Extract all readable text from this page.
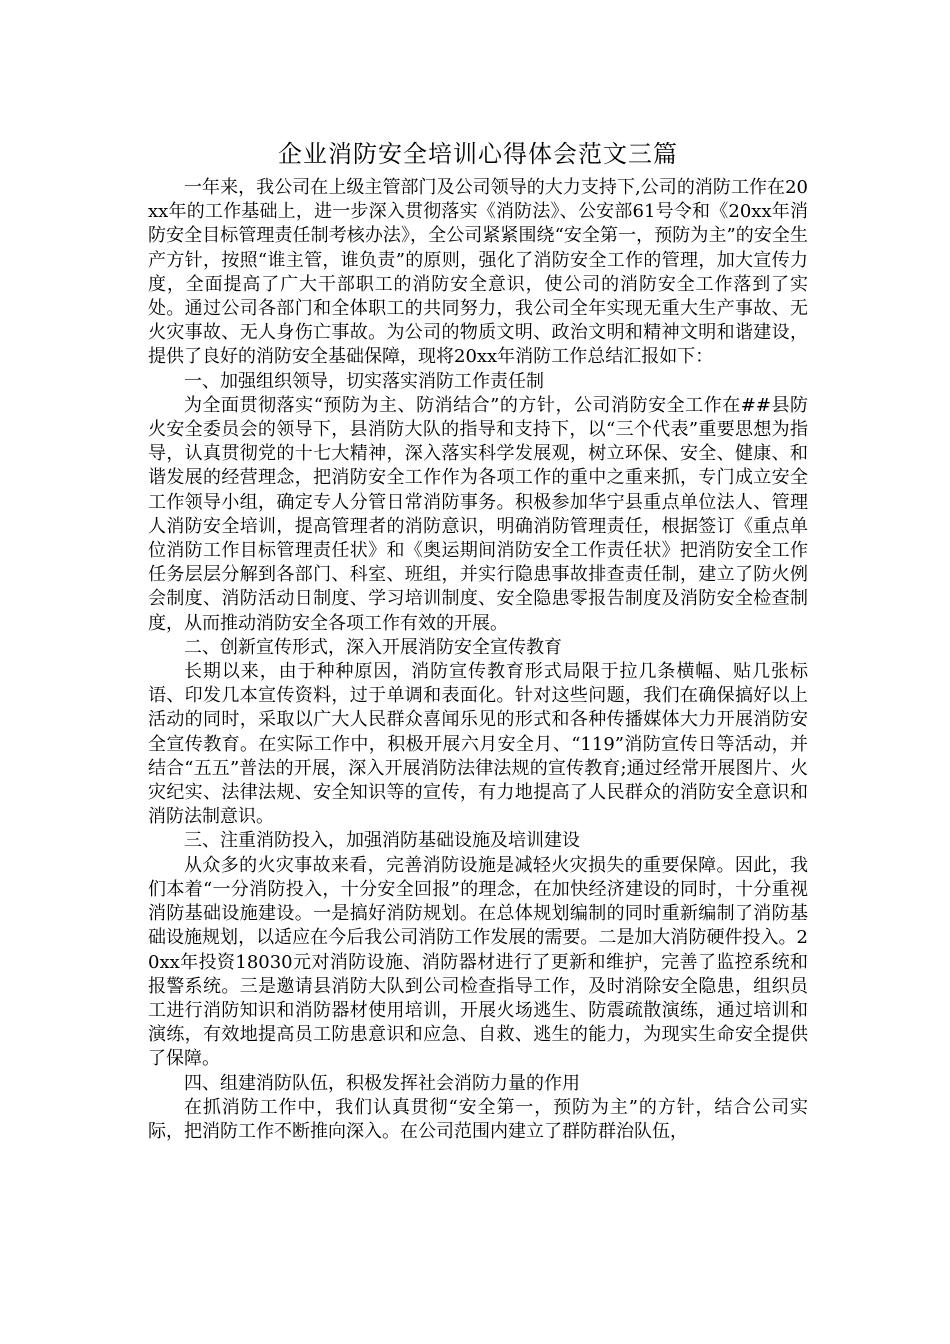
企业消防安全培训心得体会范文三篇

一年来，我公司在上级主管部门及公司领导的大力支持下,公司的消防工作在20xx年的工作基础上，进一步深入贯彻落实《消防法》、公安部61号令和《20xx年消防安全目标管理责任制考核办法》，全公司紧紧围绕“安全第一，预防为主”的安全生产方针，按照“谁主管，谁负责”的原则，强化了消防安全工作的管理，加大宣传力度，全面提高了广大干部职工的消防安全意识，使公司的消防安全工作落到了实处。通过公司各部门和全体职工的共同努力，我公司全年实现无重大生产事故、无火灾事故、无人身伤亡事故。为公司的物质文明、政治文明和精神文明和谐建设，提供了良好的消防安全基础保障，现将20xx年消防工作总结汇报如下：

一、加强组织领导，切实落实消防工作责任制

为全面贯彻落实“预防为主、防消结合”的方针，公司消防安全工作在##县防火安全委员会的领导下，县消防大队的指导和支持下，以“三个代表”重要思想为指导，认真贯彻党的十七大精神，深入落实科学发展观，树立环保、安全、健康、和谐发展的经营理念，把消防安全工作作为各项工作的重中之重来抓，专门成立安全工作领导小组，确定专人分管日常消防事务。积极参加华宁县重点单位法人、管理人消防安全培训，提高管理者的消防意识，明确消防管理责任，根据签订《重点单位消防工作目标管理责任状》和《奥运期间消防安全工作责任状》把消防安全工作任务层层分解到各部门、科室、班组，并实行隐患事故排查责任制，建立了防火例会制度、消防活动日制度、学习培训制度、安全隐患零报告制度及消防安全检查制度，从而推动消防安全各项工作有效的开展。

二、创新宣传形式，深入开展消防安全宣传教育

长期以来，由于种种原因，消防宣传教育形式局限于拉几条横幅、贴几张标语、印发几本宣传资料，过于单调和表面化。针对这些问题，我们在确保搞好以上活动的同时，采取以广大人民群众喜闻乐见的形式和各种传播媒体大力开展消防安全宣传教育。在实际工作中，积极开展六月安全月、“119”消防宣传日等活动，并结合“五五”普法的开展，深入开展消防法律法规的宣传教育;通过经常开展图片、火灾纪实、法律法规、安全知识等的宣传，有力地提高了人民群众的消防安全意识和消防法制意识。

三、注重消防投入，加强消防基础设施及培训建设

从众多的火灾事故来看，完善消防设施是减轻火灾损失的重要保障。因此，我们本着“一分消防投入，十分安全回报”的理念，在加快经济建设的同时，十分重视消防基础设施建设。一是搞好消防规划。在总体规划编制的同时重新编制了消防基础设施规划，以适应在今后我公司消防工作发展的需要。二是加大消防硬件投入。20xx年投资18030元对消防设施、消防器材进行了更新和维护，完善了监控系统和报警系统。三是邀请县消防大队到公司检查指导工作，及时消除安全隐患，组织员工进行消防知识和消防器材使用培训，开展火场逃生、防震疏散演练，通过培训和演练，有效地提高员工防患意识和应急、自救、逃生的能力，为现实生命安全提供了保障。

四、组建消防队伍，积极发挥社会消防力量的作用

在抓消防工作中，我们认真贯彻“安全第一，预防为主”的方针，结合公司实际，把消防工作不断推向深入。在公司范围内建立了群防群治队伍，
